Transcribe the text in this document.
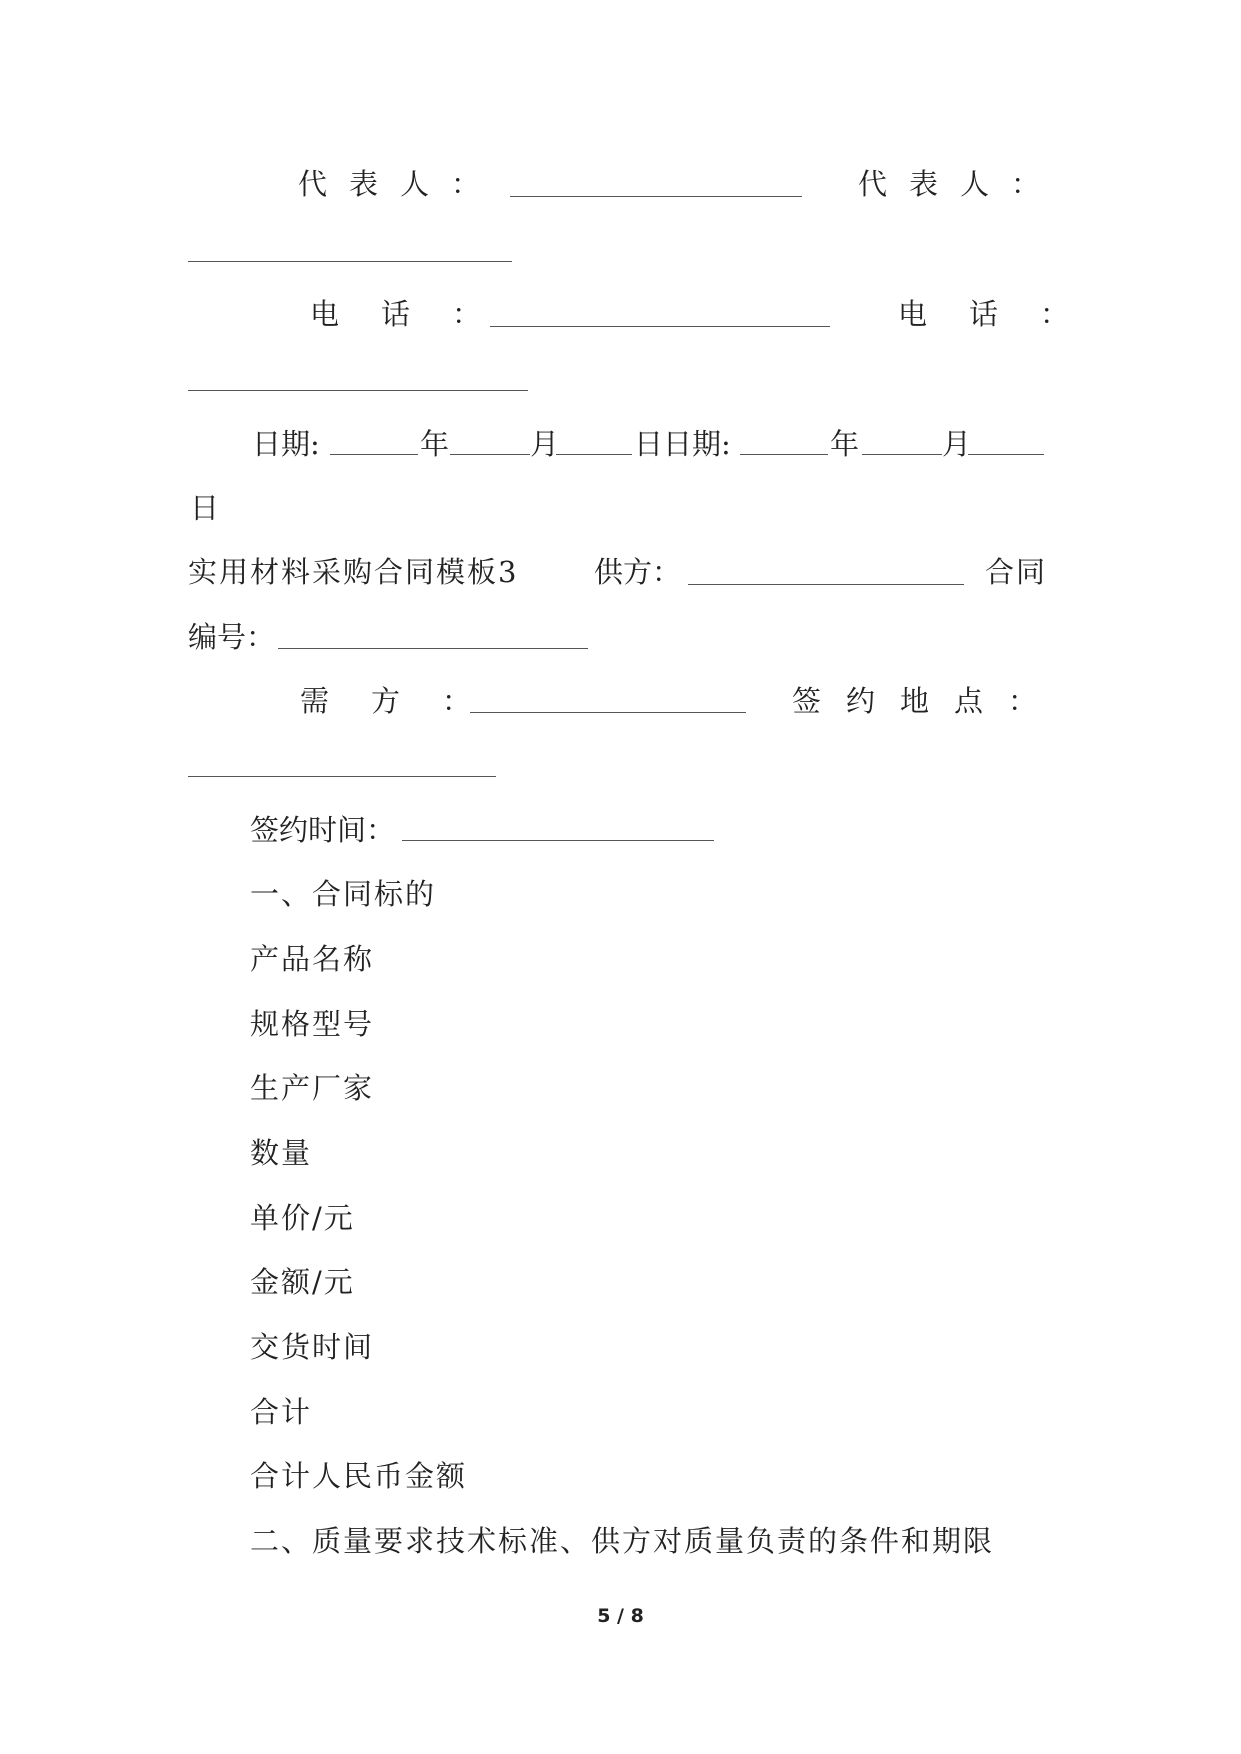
代表人：	代表人：
电话：	电话：
日期:	年	月	日日期:	年	月
日
实用材料采购合同模板3	供方：	合同
编号：
需方：	签约地点：
签约时间：
一、合同标的
产品名称
规格型号
生产厂家
数量
单价/元
金额/元
交货时间
合计
合计人民币金额
二、质量要求技术标准、供方对质量负责的条件和期限
5 / 8
